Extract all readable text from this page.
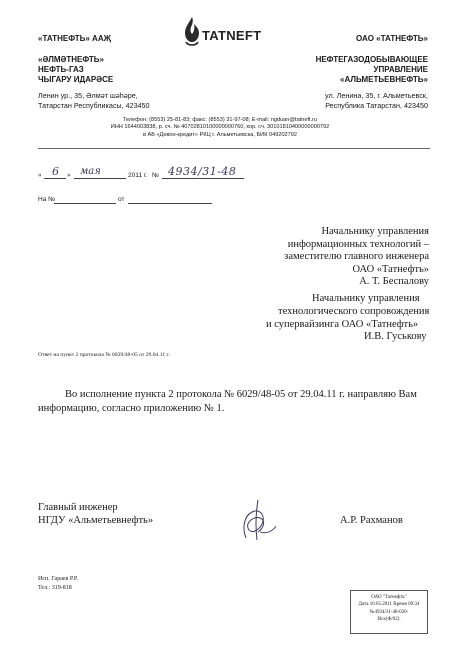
«ТАТНЕФТЬ» ААҖ
«ӘЛМӘТНЕФТЬ»
НЕФТЬ-ГАЗ
ЧЫГАРУ ИДАРӘСЕ
Ленин ур., 35, Әлмәт шәһәре,
Татарстан Республикасы, 423450
TATNEFT	ОАО «ТАТНЕФТЬ»
НЕФТЕГАЗОДОБЫВАЮЩЕЕ
УПРАВЛЕНИЕ
«АЛЬМЕТЬЕВНЕФТЬ»
ул. Ленина, 35, г. Альметьевск,
Республика Татарстан, 423450
Телефон: (8553) 25-81-83; факс: (8553) 31-97-08; E-mail: ngduan@tatneft.ru
ИНН 1644003838, р. сч. № 40702810100000000760, кор. сч. 30101810400000000792
в АБ «Девон-кредит» РКЦ г. Альметьевска, БИК 049202792
« 6 » мая	2011 г. № 4934/31-48
На №	от
Начальнику управления
информационных технологий –
заместителю главного инженера
ОАО «Татнефть»
А. Т. Беспалову
Начальнику управления
технологического сопровождения
и супервайзинга ОАО «Татнефть»
И.В. Гуськову
Ответ на пункт 2 протокола № 6029/48-05 от 29.04.11 г.
Во исполнение пункта 2 протокола № 6029/48-05 от 29.04.11 г. направляю Вам
информацию, согласно приложению № 1.
Главный инженер
НГДУ «Альметьевнефть»	А.Р. Рахманов
Исп. Гараев Р.Р.
Тел.: 319-818
ОАО "Татнефть"
Дата 10.05.2011 Время 09:34
№4934/31-48-020-
Исх(Ф/02).
